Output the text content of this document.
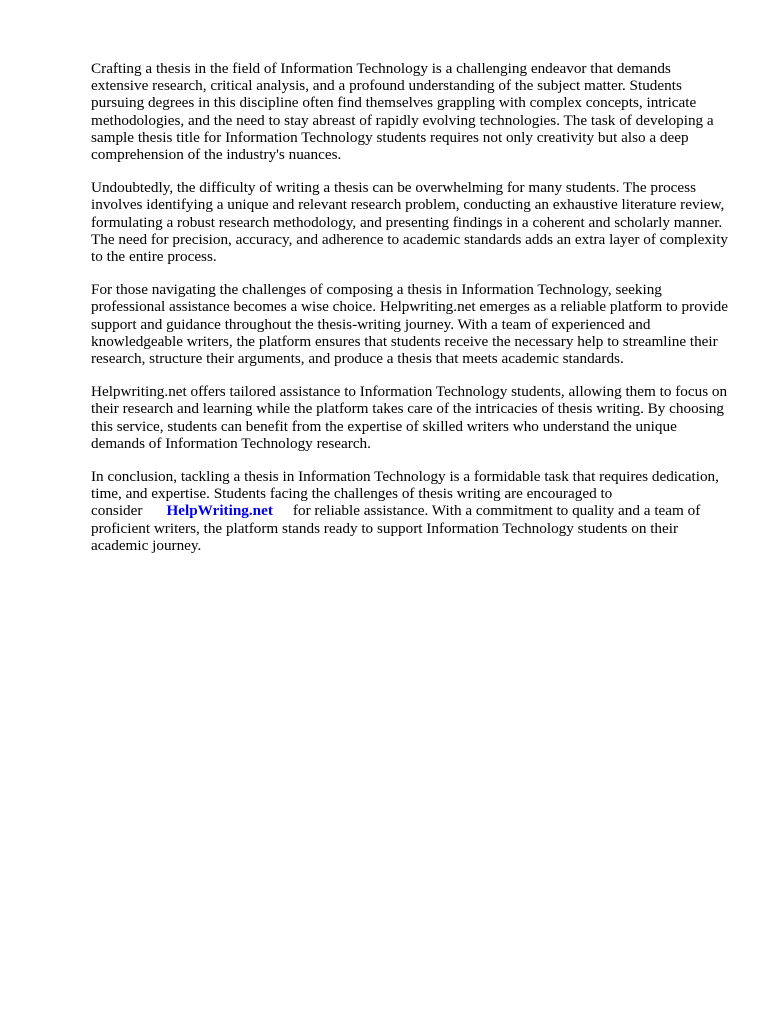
Crafting a thesis in the field of Information Technology is a challenging endeavor that demands extensive research, critical analysis, and a profound understanding of the subject matter. Students pursuing degrees in this discipline often find themselves grappling with complex concepts, intricate methodologies, and the need to stay abreast of rapidly evolving technologies. The task of developing a sample thesis title for Information Technology students requires not only creativity but also a deep comprehension of the industry's nuances.

Undoubtedly, the difficulty of writing a thesis can be overwhelming for many students. The process involves identifying a unique and relevant research problem, conducting an exhaustive literature review, formulating a robust research methodology, and presenting findings in a coherent and scholarly manner. The need for precision, accuracy, and adherence to academic standards adds an extra layer of complexity to the entire process.

For those navigating the challenges of composing a thesis in Information Technology, seeking professional assistance becomes a wise choice. Helpwriting.net emerges as a reliable platform to provide support and guidance throughout the thesis-writing journey. With a team of experienced and knowledgeable writers, the platform ensures that students receive the necessary help to streamline their research, structure their arguments, and produce a thesis that meets academic standards.

Helpwriting.net offers tailored assistance to Information Technology students, allowing them to focus on their research and learning while the platform takes care of the intricacies of thesis writing. By choosing this service, students can benefit from the expertise of skilled writers who understand the unique demands of Information Technology research.

In conclusion, tackling a thesis in Information Technology is a formidable task that requires dedication, time, and expertise. Students facing the challenges of thesis writing are encouraged to consider HelpWriting.net for reliable assistance. With a commitment to quality and a team of proficient writers, the platform stands ready to support Information Technology students on their academic journey.
